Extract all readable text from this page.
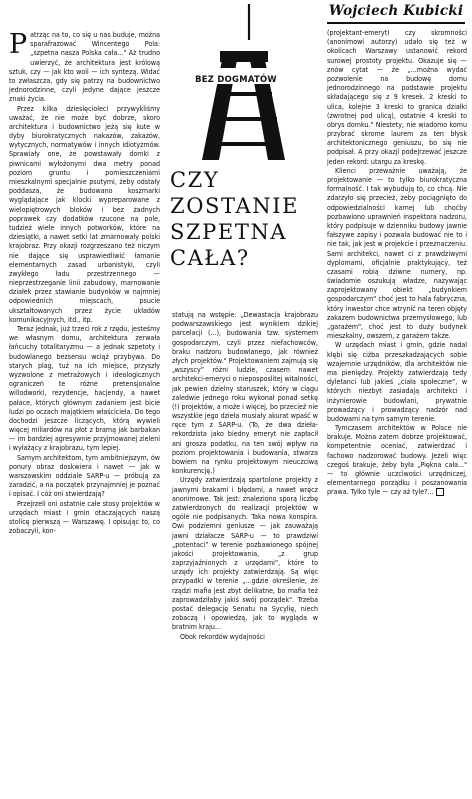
Wojciech Kubicki
BEZ DOGMATÓW
CZY ZOSTANIE
SZPETNA CAŁA?

Patrząc na to, co się u nas buduje, można sparafrazować Wincentego Pola: „szpetna nasza Polska cała..." Aż trudno uwierzyć, że architektura jest królową sztuk, czy — jak kto woli — ich syntezą. Widać to zwłaszcza, gdy się patrzy na budownictwo jednorodzinne, czyli jedyne dające jeszcze znaki życia.

Przez kilka dziesięcioleci przywykliśmy uważać, że nie może być dobrze, skoro architektura i budownictwo jeżą się kute w dyby biurokratycznych nakazów, zakazów, wytycznych, normatywów i innych idiotyzmów. Sprawiały one, że powstawały domki z piwnicami wyłożonymi dwa metry ponad poziom gruntu i pomieszczeniami mieszkalnymi specjalnie psutymi, żeby odstały poddasza, że budowano koszmarki wyglądające jak klocki wypreparowane z wielopiętrowych bloków i bez żadnych poprawek czy dodatków rzucone na pole, tudzież wiele innych potworków, które na dziesiątki, a nawet setki lat zmarnowały polski krajobraz. Przy okazji rozgrzeszano też niczym nie dające się usprawiedliwić łamanie elementarnych zasad urbanistyki, czyli zwykłego ładu przestrzennego — nieprzestrzeganie linii zabudowy, marnowanie działek przez stawianie budynków w najmniej odpowiednich miejscach, psucie ukształtowanych przez życie układów komunikacyjnych, itd., itp.

Teraz jednak, już trzeci rok z rzędu, jesteśmy we własnym domu, architektura zerwała łańcuchy totalitaryzmu — a jednak szpetoty i budowlanego bezsensu wciąż przybywa. Do starych plag, tuż na ich miejsce, przyszły wyzwolone z metrażowych i ideologicznych ograniczeń te różne pretensjonalne willodworki, rezydencje, hacjendy, a nawet pałace, których głównym zadaniem jest bicie ludzi po oczach majątkiem właściciela. Do tego dochodzi jeszcze liczących, którą wywieli więcej miliardów na płot z bramą jak barbakan — im bardziej agresywnie przyjmowanej zieleni i wyłażący z krajobrazu, tym lepiej.

Samym architektom, tym ambitniejszym, ów ponury obraz doskwiera i nawet — jak w warszawskim oddziale SARP-u — próbują za zaradzić, a na początek przynajmniej je poznać i opisać. I cóż oni stwierdzają?

Przejrzeli oni ostatnie całe stosy projektów w urzędach miast i gmin otaczających naszą stolicę pierwszą — Warszawę. I opisując to, co zobaczyli, kon-

statują na wstępie: „Dewastacja krajobrazu podwarszawskiego jest wynikiem dzikiej parcelacji (...), budowania tzw. systemem gospodarczym, czyli przez niefachowców, braku nadzoru budowlanego, jak również złych projektów." Projektowaniem zajmują się „wszyscy” różni ludzie, czasem nawet architekci-emeryci o nieposposlitej witalności, jak pewien dzielny staruszek, który w ciągu zaledwie jednego roku wykonał ponad setkę (!) projektów, a może i więcej, bo przecież nie wszystkie jego dzieła musiały akurat wpaść w ręce tym z SARP-u. (To, że dwa dzieła-rekordzista jako biedny emeryt nie zapłacił ani grosza podatku, na ten swój wpływ na poziom projektowania i budowania, stwarza bowiem na rynku projektowym nieuczciwą konkurencję.)

Urzędy zatwierdzają spartolone projekty z jawnymi brakami i błędami, a nawet wręcz anonimowe. Tak jest: znaleziono sporą liczbę zatwierdzonych do realizacji projektów w ogóle nie podpisanych. Taka nowa konspira. Owi podziemni geniusze — jak zauważają jawni działacze SARP-u — to prawdziwi „potentaci” w terenie pozbawionego spójnej jakości projektowania, „z grup zaprzyjaźnionych z urzędami”, które to urzędy ich projekty zatwierdzają. Są więc przypadki w terenie „...gdzie określenie, że rządzi mafia jest zbyt delikatne, bo mafia też zaprowadziłaby jakiś swój porządek". Trzeba postać delegację Senatu na Sycylię, niech zobaczą i opowiedzą, jak to wygląda w bratnim kraju...

Obok rekordów wydajności

(projektant-emeryt) czy skromności (anonimowi autorzy) udało się też w okolicach Warszawy ustanowić rekord surowej prostoty projektu. Okazuje się — znów cytat — że „...można wydać pozwolenie na budowę domu jednorodzinnego na podstawie projektu składającego się z 9 kresek. 2 kreski to ulica, kolejne 3 kreski to granica działki (zwrotnej pod ulicą), ostatnie 4 kreski to obrys domku." Niestety, nie wiadomo komu przybrać skrome laurem za ten błysk architektonicznego geniuszu, bo się nie podpisał. A przy okazji podejrzewać jeszcze jeden rekord: utargu za kreskę.

Klienci przeważnie uważają, że projektowanie — to tylko biurokratyczna formalność. I tak wybudują to, co chcą. Nie zdarzyło się przecież, żeby pociągnięto do odpowiedzialności karnej lub choćby pozbawiono uprawnień inspektora nadzoru, który podpisuje w dzienniku budowy jawnie fałszywe zapisy i pozwala budować nie to i nie tak, jak jest w projekcie i przeznaczeniu. Sami architekci, nawet ci z prawdziwymi dyplomami, oficjalnie praktykujący, też czasami robią dziwne numery, np. świadomie oszukują władze, nazywając zaprojektowany obiekt „budynkiem gospodarczym" choć jest to hala fabryczna, który inwestor chce wtrynić na teren objęty zakazem budownictwa przemysłowego, lub „garażem", choć jest to duży budynek mieszkalny, owszem, z garażem także.

W urzędach miast i gmin, gdzie nadal kłębi się ciżba przeszkadzających sobie wzajemnie urzędników, dla architektów nie ma pieniędzy. Projekty zatwierdzają tedy dyletanci lub jakieś „ciała społeczne”, w których niezbyt zasiadają architekci i inżynierowie budowlani, prywatnie prowadzący i prowadzący nadzór nad budowami na tym samym terenie.

Tymczasem architektów w Polsce nie brakuje. Można zatem dobrze projektować, kompetentnie oceniać, zatwierdzać i fachowo nadzorować budowy. Jeżeli więc czegoś brakuje, żeby była „Piękna cała..." — to głównie uczciwości urzędniczej, elementarnego porządku i poszanowania prawa. Tylko tyle — czy aż tyle?...
